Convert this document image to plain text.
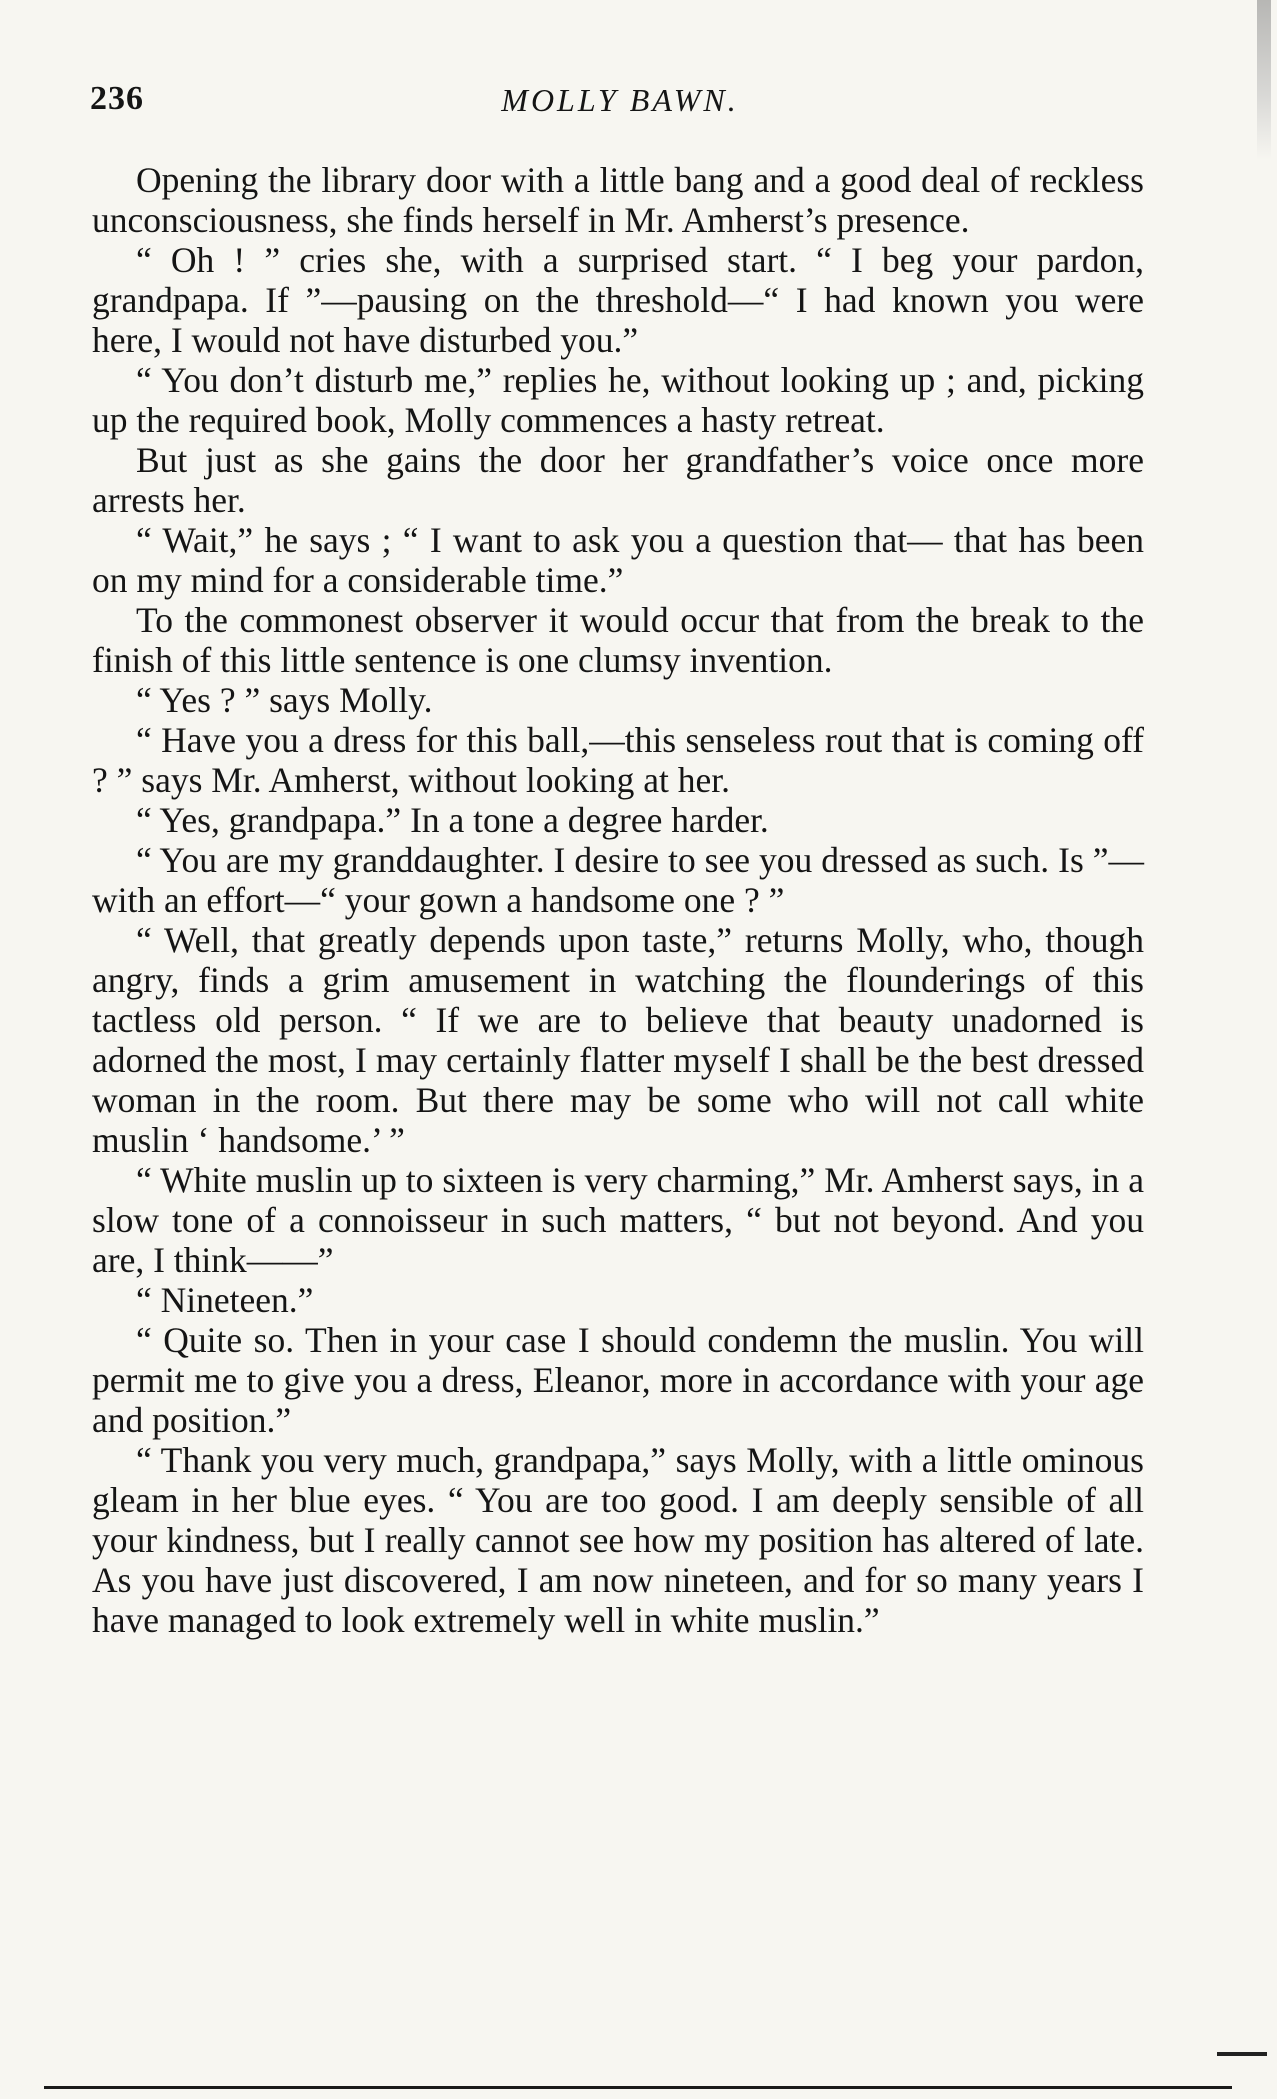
236	MOLLY BAWN.

Opening the library door with a little bang and a good deal of reckless unconsciousness, she finds herself in Mr. Amherst’s presence.

“ Oh ! ” cries she, with a surprised start. “ I beg your pardon, grandpapa. If ”—pausing on the threshold—“ I had known you were here, I would not have disturbed you.”

“ You don’t disturb me,” replies he, without looking up ; and, picking up the required book, Molly commences a hasty retreat.

But just as she gains the door her grandfather’s voice once more arrests her.

“ Wait,” he says ; “ I want to ask you a question that— that has been on my mind for a considerable time.”

To the commonest observer it would occur that from the break to the finish of this little sentence is one clumsy invention.

“ Yes ? ” says Molly.

“ Have you a dress for this ball,—this senseless rout that is coming off ? ” says Mr. Amherst, without looking at her.

“ Yes, grandpapa.” In a tone a degree harder.

“ You are my granddaughter. I desire to see you dressed as such. Is ”—with an effort—“ your gown a handsome one ? ”

“ Well, that greatly depends upon taste,” returns Molly, who, though angry, finds a grim amusement in watching the flounderings of this tactless old person. “ If we are to believe that beauty unadorned is adorned the most, I may certainly flatter myself I shall be the best dressed woman in the room. But there may be some who will not call white muslin ‘ handsome.’ ”

“ White muslin up to sixteen is very charming,” Mr. Amherst says, in a slow tone of a connoisseur in such matters, “ but not beyond. And you are, I think——”

“ Nineteen.”

“ Quite so. Then in your case I should condemn the muslin. You will permit me to give you a dress, Eleanor, more in accordance with your age and position.”

“ Thank you very much, grandpapa,” says Molly, with a little ominous gleam in her blue eyes. “ You are too good. I am deeply sensible of all your kindness, but I really cannot see how my position has altered of late. As you have just discovered, I am now nineteen, and for so many years I have managed to look extremely well in white muslin.”
